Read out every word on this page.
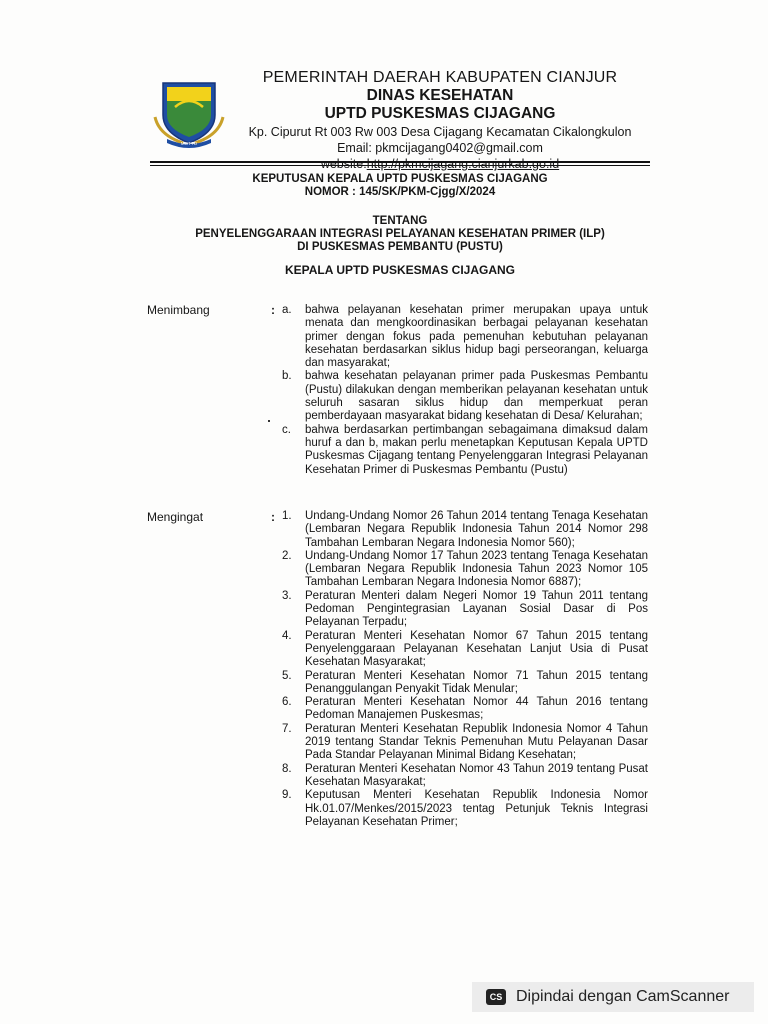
MOTTO
PEMERINTAH DAERAH KABUPATEN CIANJUR
DINAS KESEHATAN
UPTD PUSKESMAS CIJAGANG
Kp. Cipurut Rt 003 Rw 003 Desa Cijagang Kecamatan Cikalongkulon
Email: pkmcijagang0402@gmail.com
website:http://pkmcijagang.cianjurkab.go.id
KEPUTUSAN KEPALA UPTD PUSKESMAS CIJAGANG
NOMOR : 145/SK/PKM-Cjgg/X/2024
TENTANG
PENYELENGGARAAN INTEGRASI PELAYANAN KESEHATAN PRIMER (ILP)
DI PUSKESMAS PEMBANTU (PUSTU)
KEPALA UPTD PUSKESMAS CIJAGANG
Menimbang	: a.	bahwa pelayanan kesehatan primer merupakan upaya untuk menata dan mengkoordinasikan berbagai pelayanan kesehatan primer dengan fokus pada pemenuhan kebutuhan pelayanan kesehatan berdasarkan siklus hidup bagi perseorangan, keluarga dan masyarakat;
b.	bahwa kesehatan pelayanan primer pada Puskesmas Pembantu (Pustu) dilakukan dengan memberikan pelayanan kesehatan untuk seluruh sasaran siklus hidup dan memperkuat peran pemberdayaan masyarakat bidang kesehatan di Desa/ Kelurahan;
c.	bahwa berdasarkan pertimbangan sebagaimana dimaksud dalam huruf a dan b, makan perlu menetapkan Keputusan Kepala UPTD Puskesmas Cijagang tentang Penyelenggaran Integrasi Pelayanan Kesehatan Primer di Puskesmas Pembantu (Pustu)
Mengingat	: 1.	Undang-Undang Nomor 26 Tahun 2014 tentang Tenaga Kesehatan (Lembaran Negara Republik Indonesia Tahun 2014 Nomor 298 Tambahan Lembaran Negara Indonesia Nomor 560);
2.	Undang-Undang Nomor 17 Tahun 2023 tentang Tenaga Kesehatan (Lembaran Negara Republik Indonesia Tahun 2023 Nomor 105 Tambahan Lembaran Negara Indonesia Nomor 6887);
3.	Peraturan Menteri dalam Negeri Nomor 19 Tahun 2011 tentang Pedoman Pengintegrasian Layanan Sosial Dasar di Pos Pelayanan Terpadu;
4.	Peraturan Menteri Kesehatan Nomor 67 Tahun 2015 tentang Penyelenggaraan Pelayanan Kesehatan Lanjut Usia di Pusat Kesehatan Masyarakat;
5.	Peraturan Menteri Kesehatan Nomor 71 Tahun 2015 tentang Penanggulangan Penyakit Tidak Menular;
6.	Peraturan Menteri Kesehatan Nomor 44 Tahun 2016 tentang Pedoman Manajemen Puskesmas;
7.	Peraturan Menteri Kesehatan Republik Indonesia Nomor 4 Tahun 2019 tentang Standar Teknis Pemenuhan Mutu Pelayanan Dasar Pada Standar Pelayanan Minimal Bidang Kesehatan;
8.	Peraturan Menteri Kesehatan Nomor 43 Tahun 2019 tentang Pusat Kesehatan Masyarakat;
9.	Keputusan Menteri Kesehatan Republik Indonesia Nomor Hk.01.07/Menkes/2015/2023 tentag Petunjuk Teknis Integrasi Pelayanan Kesehatan Primer;
CS Dipindai dengan CamScanner
